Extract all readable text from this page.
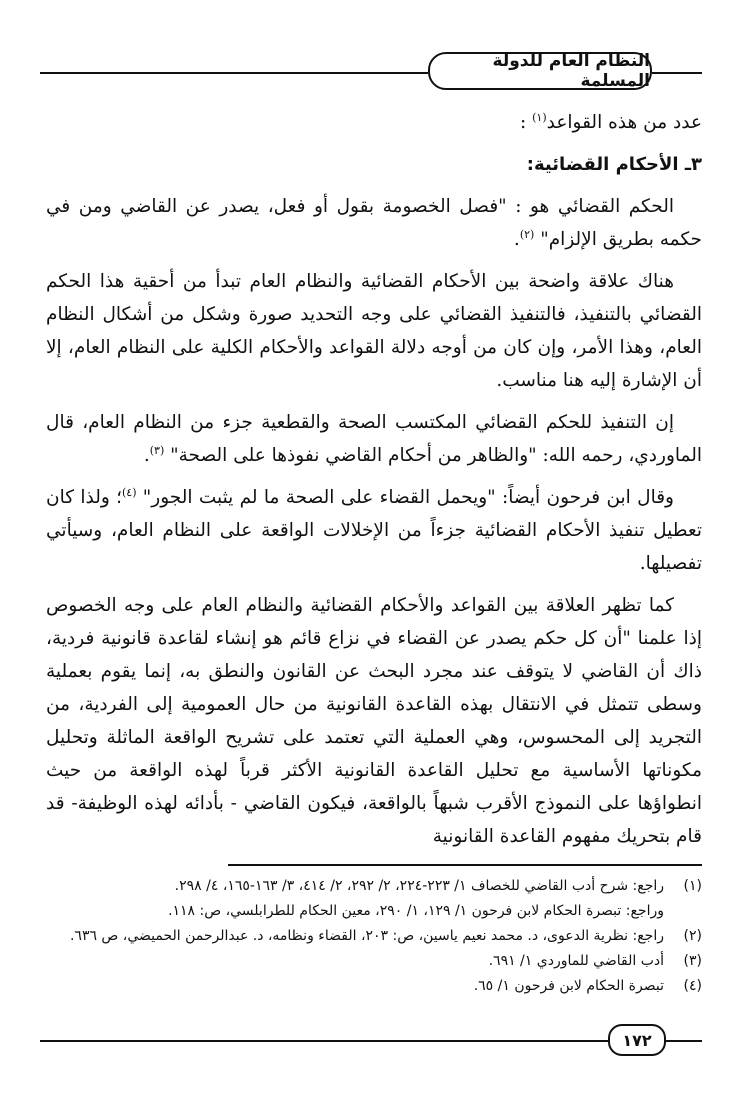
النظام العام للدولة المسلمة

عدد من هذه القواعد$^{(١)}$ :

٣ـ الأحكام القضائية:

الحكم القضائي هو : "فصل الخصومة بقول أو فعل، يصدر عن القاضي ومن في حكمه بطريق الإلزام" $^{(٢)}$.

هناك علاقة واضحة بين الأحكام القضائية والنظام العام تبدأ من أحقية هذا الحكم القضائي بالتنفيذ، فالتنفيذ القضائي على وجه التحديد صورة وشكل من أشكال النظام العام، وهذا الأمر، وإن كان من أوجه دلالة القواعد والأحكام الكلية على النظام العام، إلا أن الإشارة إليه هنا مناسب.

إن التنفيذ للحكم القضائي المكتسب الصحة والقطعية جزء من النظام العام، قال الماوردي، رحمه الله: "والظاهر من أحكام القاضي نفوذها على الصحة" $^{(٣)}$.

وقال ابن فرحون أيضاً: "ويحمل القضاء على الصحة ما لم يثبت الجور" $^{(٤)}$؛ ولذا كان تعطيل تنفيذ الأحكام القضائية جزءاً من الإخلالات الواقعة على النظام العام، وسيأتي تفصيلها.

كما تظهر العلاقة بين القواعد والأحكام القضائية والنظام العام على وجه الخصوص إذا علمنا "أن كل حكم يصدر عن القضاء في نزاع قائم هو إنشاء لقاعدة قانونية فردية، ذاك أن القاضي لا يتوقف عند مجرد البحث عن القانون والنطق به، إنما يقوم بعملية وسطى تتمثل في الانتقال بهذه القاعدة القانونية من حال العمومية إلى الفردية، من التجريد إلى المحسوس، وهي العملية التي تعتمد على تشريح الواقعة الماثلة وتحليل مكوناتها الأساسية مع تحليل القاعدة القانونية الأكثر قرباً لهذه الواقعة من حيث انطواؤها على النموذج الأقرب شبهاً بالواقعة، فيكون القاضي - بأدائه لهذه الوظيفة- قد قام بتحريك مفهوم القاعدة القانونية

(١)
راجع: شرح أدب القاضي للخصاف ١/ ٢٢٣-٢٢٤، ٢/ ٢٩٢، ٢/ ٤١٤، ٣/ ١٦٣-١٦٥، ٤/ ٢٩٨.
وراجع: تبصرة الحكام لابن فرحون ١/ ١٢٩، ١/ ٢٩٠، معين الحكام للطرابلسي، ص: ١١٨.
(٢)
راجع: نظرية الدعوى، د. محمد نعيم ياسين، ص: ٢٠٣، القضاء ونظامه، د. عبدالرحمن الحميضي، ص ٦٣٦.
(٣)
أدب القاضي للماوردي ١/ ٦٩١.
(٤)
تبصرة الحكام لابن فرحون ١/ ٦٥.
١٧٢
